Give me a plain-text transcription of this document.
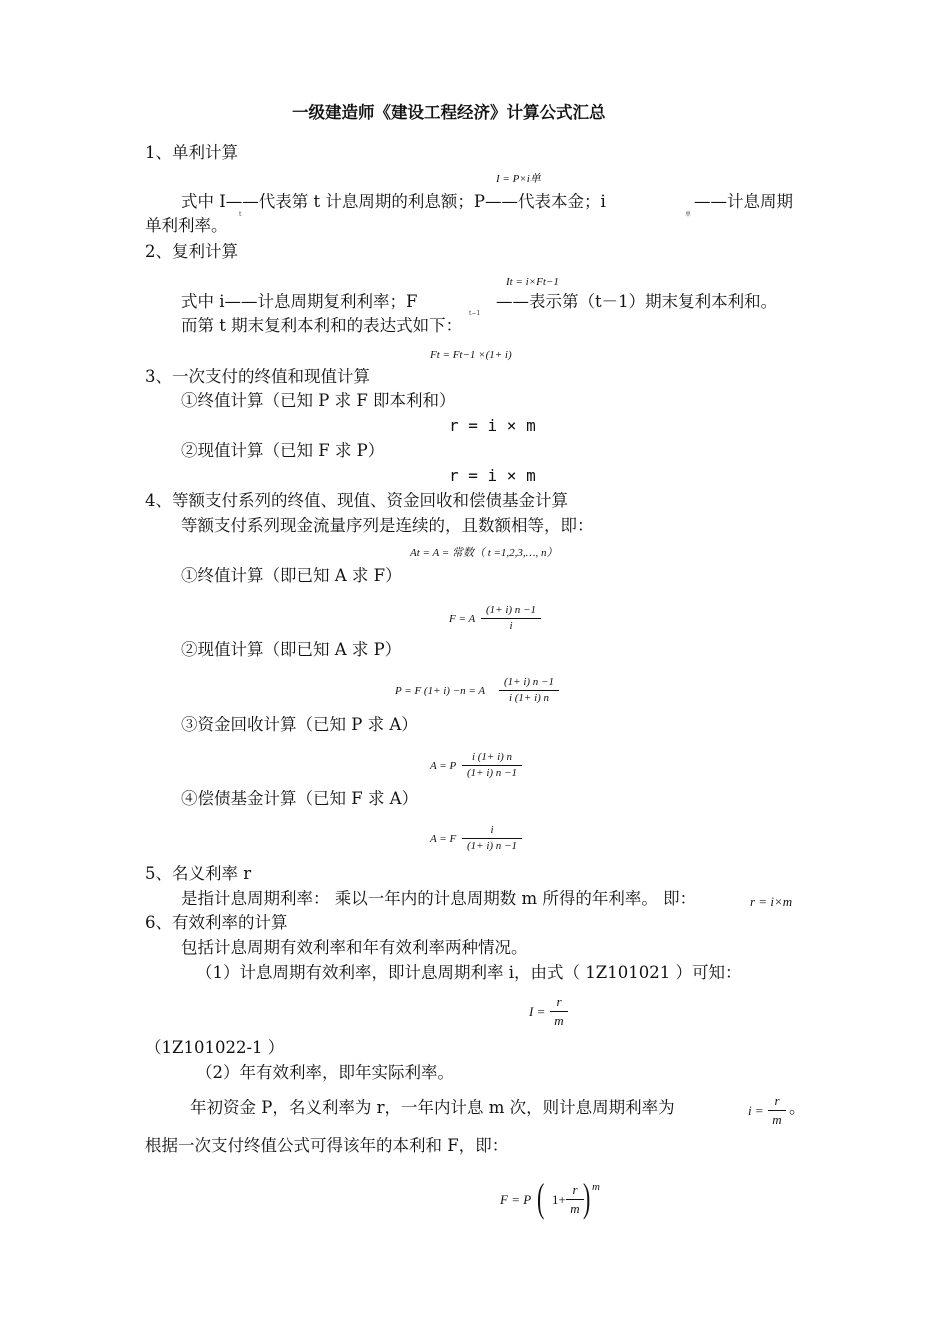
一级建造师《建设工程经济》计算公式汇总
1、单利计算
I = P×i单
式中 I——代表第 t 计息周期的利息额；P——代表本金；i
t	单
——计息周期
单利利率。
2、复利计算
It = i×Ft−1
式中 i——计息周期复利利率；F	——表示第（t－1）期末复利本利和。
t−1
而第 t 期末复利本利和的表达式如下：
Ft = Ft−1 ×(1+ i)
3、一次支付的终值和现值计算
①终值计算（已知 P 求 F 即本利和）
r = i × m
②现值计算（已知 F 求 P）
r = i × m
4、等额支付系列的终值、现值、资金回收和偿债基金计算
等额支付系列现金流量序列是连续的，且数额相等，即：
At = A = 常数（ t =1,2,3,…, n）
①终值计算（即已知 A 求 F）
F = A $\frac{(1+ i) n -1}{i}$
②现值计算（即已知 A 求 P）
P = F (1+ i) −n = A $\frac{(1+ i) n -1}{i (1+ i) n}$
③资金回收计算（已知 P 求 A）
A = P $\frac{i (1+ i) n}{(1+ i) n -1}$
④偿债基金计算（已知 F 求 A）
A = F $\frac{i}{(1+ i) n -1}$
5、名义利率 r
是指计息周期利率： 乘以一年内的计息周期数 m 所得的年利率。 即：	r = i×m
6、有效利率的计算
包括计息周期有效利率和年有效利率两种情况。
（1）计息周期有效利率，即计息周期利率 i，由式（ 1Z101021 ）可知：
$I = \frac{r}{m}$
（1Z101022-1 ）
（2）年有效利率，即年实际利率。
年初资金 P，名义利率为 r，一年内计息 m 次，则计息周期利率为	$i = \frac{r}{m}$ 。
根据一次支付终值公式可得该年的本利和 F，即：
F = P ( $1+ \frac{r}{m}$ ) m
